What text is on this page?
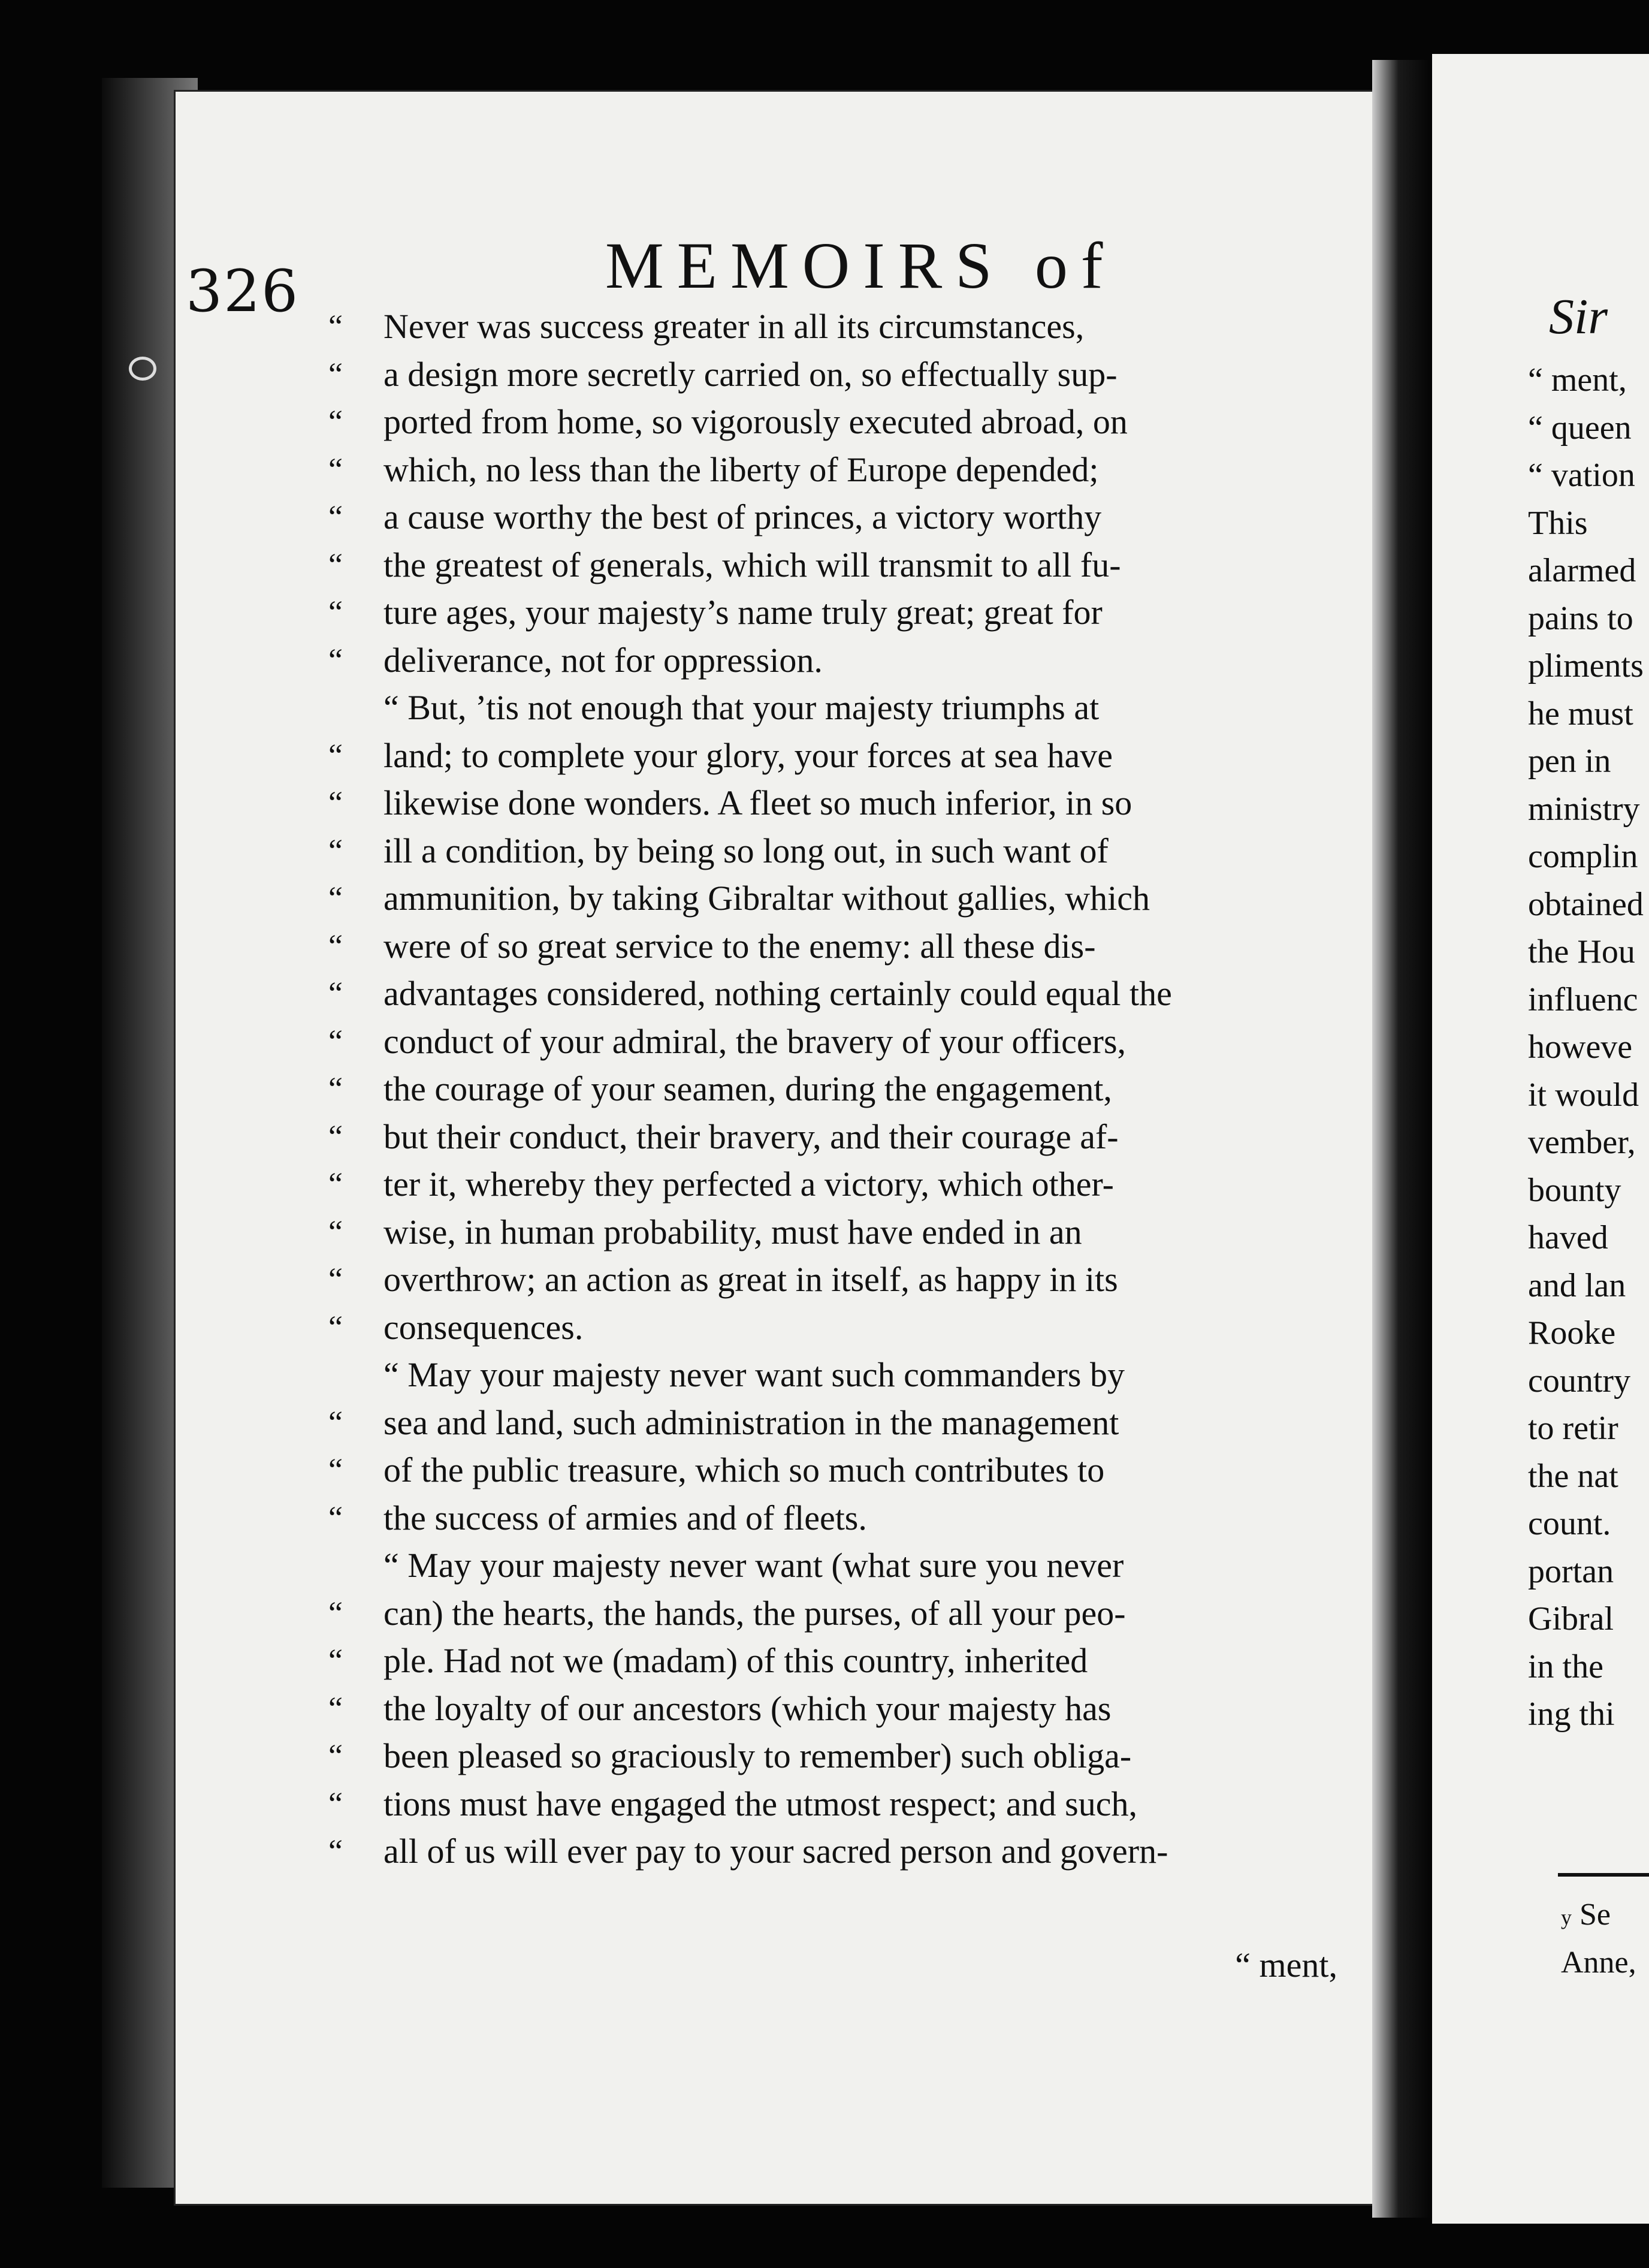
326	MEMOIRS of
“ Never was success greater in all its circumstances,
“ a design more secretly carried on, so effectually sup-
“ ported from home, so vigorously executed abroad, on
“ which, no less than the liberty of Europe depended;
“ a cause worthy the best of princes, a victory worthy
“ the greatest of generals, which will transmit to all fu-
“ ture ages, your majesty’s name truly great; great for
“ deliverance, not for oppression.
“ But, ’tis not enough that your majesty triumphs at
“ land; to complete your glory, your forces at sea have
“ likewise done wonders. A fleet so much inferior, in so
“ ill a condition, by being so long out, in such want of
“ ammunition, by taking Gibraltar without gallies, which
“ were of so great service to the enemy: all these dis-
“ advantages considered, nothing certainly could equal the
“ conduct of your admiral, the bravery of your officers,
“ the courage of your seamen, during the engagement,
“ but their conduct, their bravery, and their courage af-
“ ter it, whereby they perfected a victory, which other-
“ wise, in human probability, must have ended in an
“ overthrow; an action as great in itself, as happy in its
“ consequences.
“ May your majesty never want such commanders by
“ sea and land, such administration in the management
“ of the public treasure, which so much contributes to
“ the success of armies and of fleets.
“ May your majesty never want (what sure you never
“ can) the hearts, the hands, the purses, of all your peo-
“ ple. Had not we (madam) of this country, inherited
“ the loyalty of our ancestors (which your majesty has
“ been pleased so graciously to remember) such obliga-
“ tions must have engaged the utmost respect; and such,
“ all of us will ever pay to your sacred person and govern-
“ ment,
Sir
“ ment,
“ queen
“ vation
This
alarmed
pains to
pliments
he must
pen in
ministry
complin
obtained
the Hou
influenc
howeve
it would
vember,
bounty
haved
and lan
Rooke
country
to retir
the nat
count.
portan
Gibral
in the
ing thi
y Se
Anne,
